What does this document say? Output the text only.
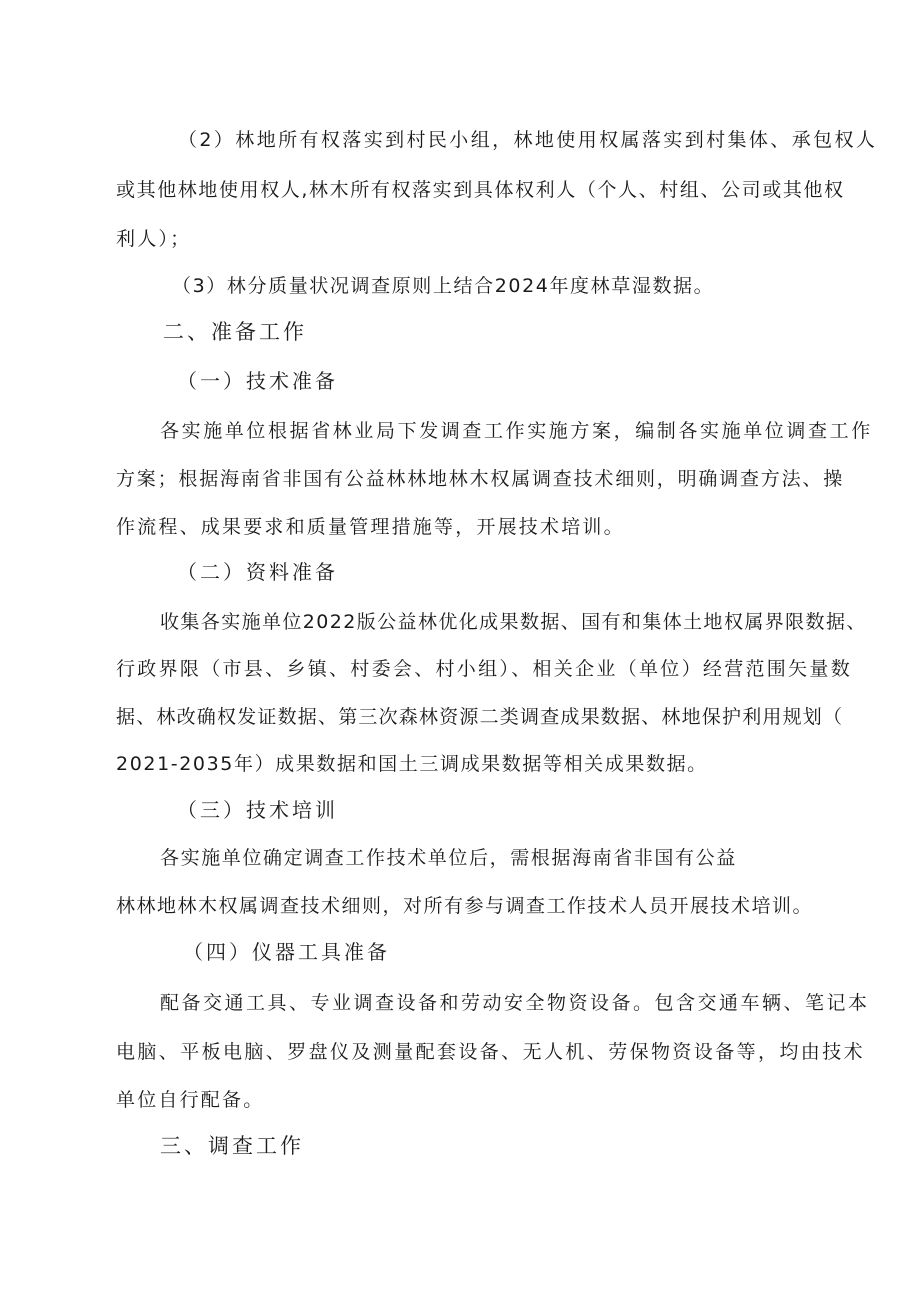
（2）林地所有权落实到村民小组，林地使用权属落实到村集体、承包权人
或其他林地使用权人,林木所有权落实到具体权利人（个人、村组、公司或其他权
利人）；
（3）林分质量状况调查原则上结合2024年度林草湿数据。
二、准备工作
（一）技术准备
各实施单位根据省林业局下发调查工作实施方案，编制各实施单位调查工作
方案；根据海南省非国有公益林林地林木权属调查技术细则，明确调查方法、操
作流程、成果要求和质量管理措施等，开展技术培训。
（二）资料准备
收集各实施单位2022版公益林优化成果数据、国有和集体土地权属界限数据、
行政界限（市县、乡镇、村委会、村小组）、相关企业（单位）经营范围矢量数
据、林改确权发证数据、第三次森林资源二类调查成果数据、林地保护利用规划（
2021-2035年）成果数据和国土三调成果数据等相关成果数据。
（三）技术培训
各实施单位确定调查工作技术单位后，需根据海南省非国有公益
林林地林木权属调查技术细则，对所有参与调查工作技术人员开展技术培训。
（四）仪器工具准备
配备交通工具、专业调查设备和劳动安全物资设备。包含交通车辆、笔记本
电脑、平板电脑、罗盘仪及测量配套设备、无人机、劳保物资设备等，均由技术
单位自行配备。
三、调查工作
